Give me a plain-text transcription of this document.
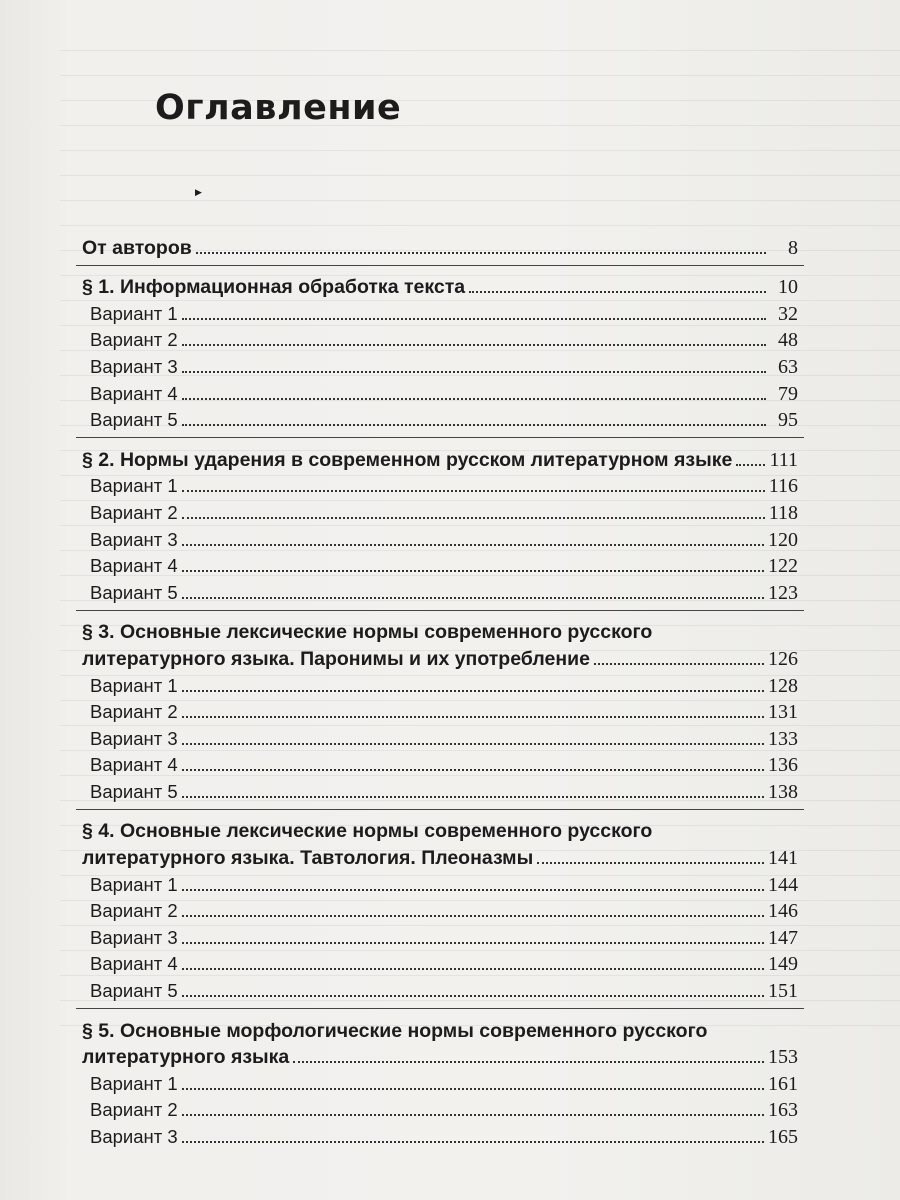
Оглавление
▶
От авторов	8
§ 1. Информационная обработка текста	10
Вариант 1	32
Вариант 2	48
Вариант 3	63
Вариант 4	79
Вариант 5	95
§ 2. Нормы ударения в современном русском литературном языке 111
Вариант 1	116
Вариант 2	118
Вариант 3	120
Вариант 4	122
Вариант 5	123
§ 3. Основные лексические нормы современного русского
литературного языка. Паронимы и их употребление	126
Вариант 1	128
Вариант 2	131
Вариант 3	133
Вариант 4	136
Вариант 5	138
§ 4. Основные лексические нормы современного русского
литературного языка. Тавтология. Плеоназмы	141
Вариант 1	144
Вариант 2	146
Вариант 3	147
Вариант 4	149
Вариант 5	151
§ 5. Основные морфологические нормы современного русского
литературного языка	153
Вариант 1	161
Вариант 2	163
Вариант 3	165
